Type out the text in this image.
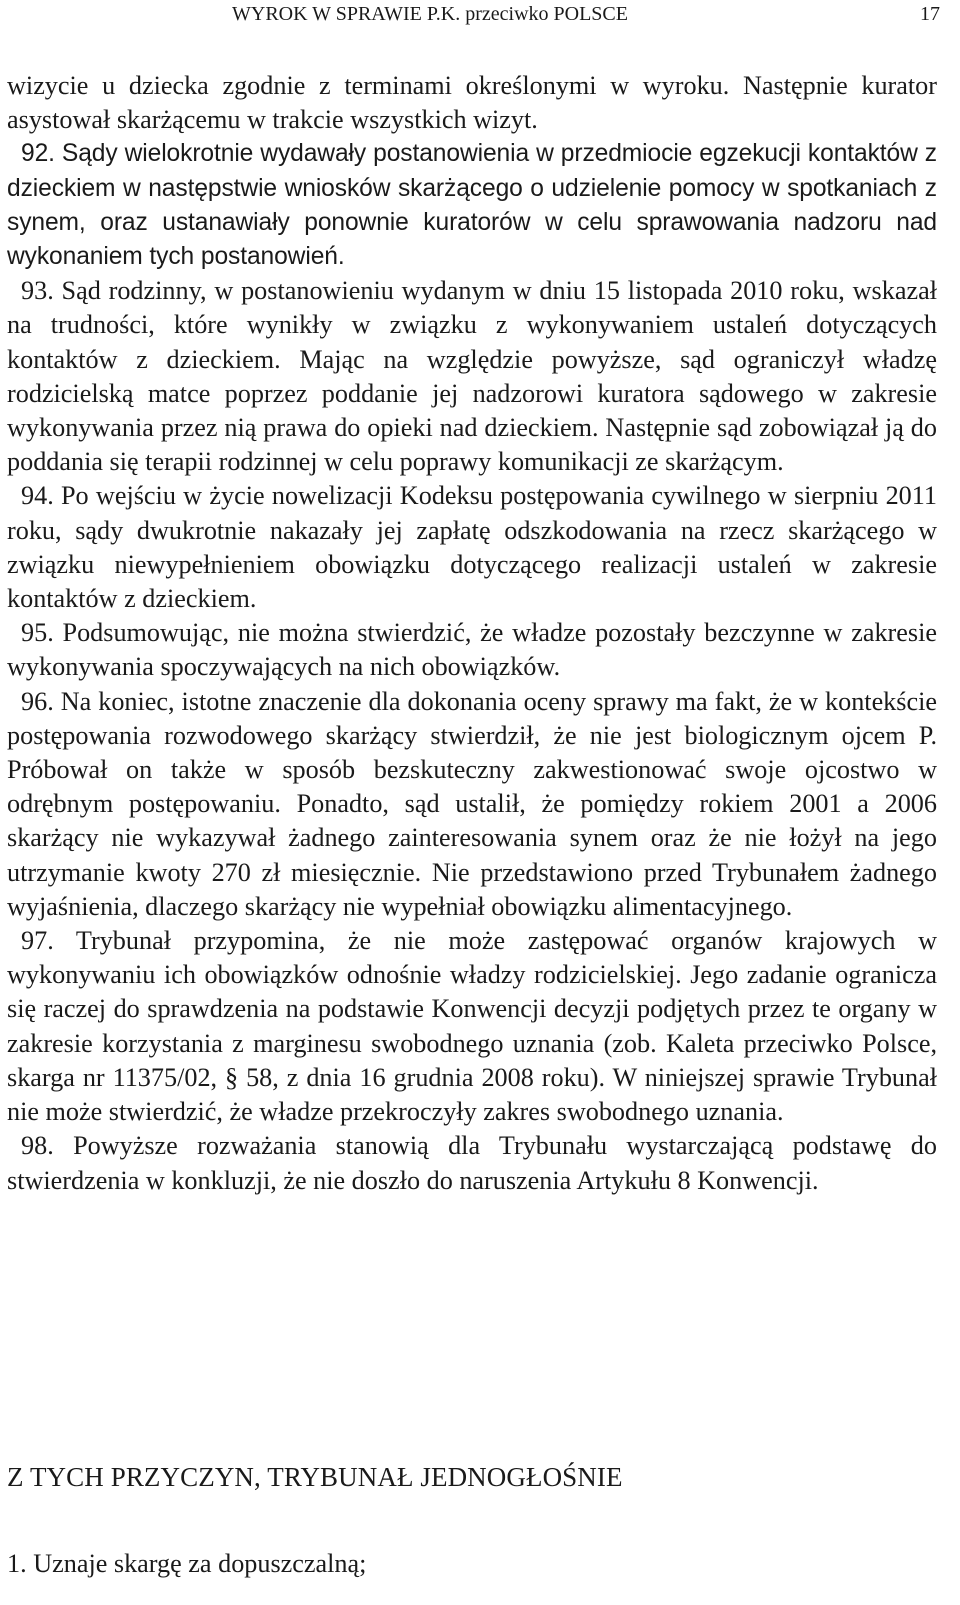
WYROK W SPRAWIE P.K. przeciwko POLSCE	17

wizycie u dziecka zgodnie z terminami określonymi w wyroku. Następnie kurator asystował skarżącemu w trakcie wszystkich wizyt.

92. Sądy wielokrotnie wydawały postanowienia w przedmiocie egzekucji kontaktów z dzieckiem w następstwie wniosków skarżącego o udzielenie pomocy w spotkaniach z synem, oraz ustanawiały ponownie kuratorów w celu sprawowania nadzoru nad wykonaniem tych postanowień.

93. Sąd rodzinny, w postanowieniu wydanym w dniu 15 listopada 2010 roku, wskazał na trudności, które wynikły w związku z wykonywaniem ustaleń dotyczących kontaktów z dzieckiem. Mając na względzie powyższe, sąd ograniczył władzę rodzicielską matce poprzez poddanie jej nadzorowi kuratora sądowego w zakresie wykonywania przez nią prawa do opieki nad dzieckiem. Następnie sąd zobowiązał ją do poddania się terapii rodzinnej w celu poprawy komunikacji ze skarżącym.

94. Po wejściu w życie nowelizacji Kodeksu postępowania cywilnego w sierpniu 2011 roku, sądy dwukrotnie nakazały jej zapłatę odszkodowania na rzecz skarżącego w związku niewypełnieniem obowiązku dotyczącego realizacji ustaleń w zakresie kontaktów z dzieckiem.

95. Podsumowując, nie można stwierdzić, że władze pozostały bezczynne w zakresie wykonywania spoczywających na nich obowiązków.

96. Na koniec, istotne znaczenie dla dokonania oceny sprawy ma fakt, że w kontekście postępowania rozwodowego skarżący stwierdził, że nie jest biologicznym ojcem P. Próbował on także w sposób bezskuteczny zakwestionować swoje ojcostwo w odrębnym postępowaniu. Ponadto, sąd ustalił, że pomiędzy rokiem 2001 a 2006 skarżący nie wykazywał żadnego zainteresowania synem oraz że nie łożył na jego utrzymanie kwoty 270 zł miesięcznie. Nie przedstawiono przed Trybunałem żadnego wyjaśnienia, dlaczego skarżący nie wypełniał obowiązku alimentacyjnego.

97. Trybunał przypomina, że nie może zastępować organów krajowych w wykonywaniu ich obowiązków odnośnie władzy rodzicielskiej. Jego zadanie ogranicza się raczej do sprawdzenia na podstawie Konwencji decyzji podjętych przez te organy w zakresie korzystania z marginesu swobodnego uznania (zob. Kaleta przeciwko Polsce, skarga nr 11375/02, § 58, z dnia 16 grudnia 2008 roku). W niniejszej sprawie Trybunał nie może stwierdzić, że władze przekroczyły zakres swobodnego uznania.

98. Powyższe rozważania stanowią dla Trybunału wystarczającą podstawę do stwierdzenia w konkluzji, że nie doszło do naruszenia Artykułu 8 Konwencji.

Z TYCH PRZYCZYN, TRYBUNAŁ JEDNOGŁOŚNIE
1. Uznaje skargę za dopuszczalną;
